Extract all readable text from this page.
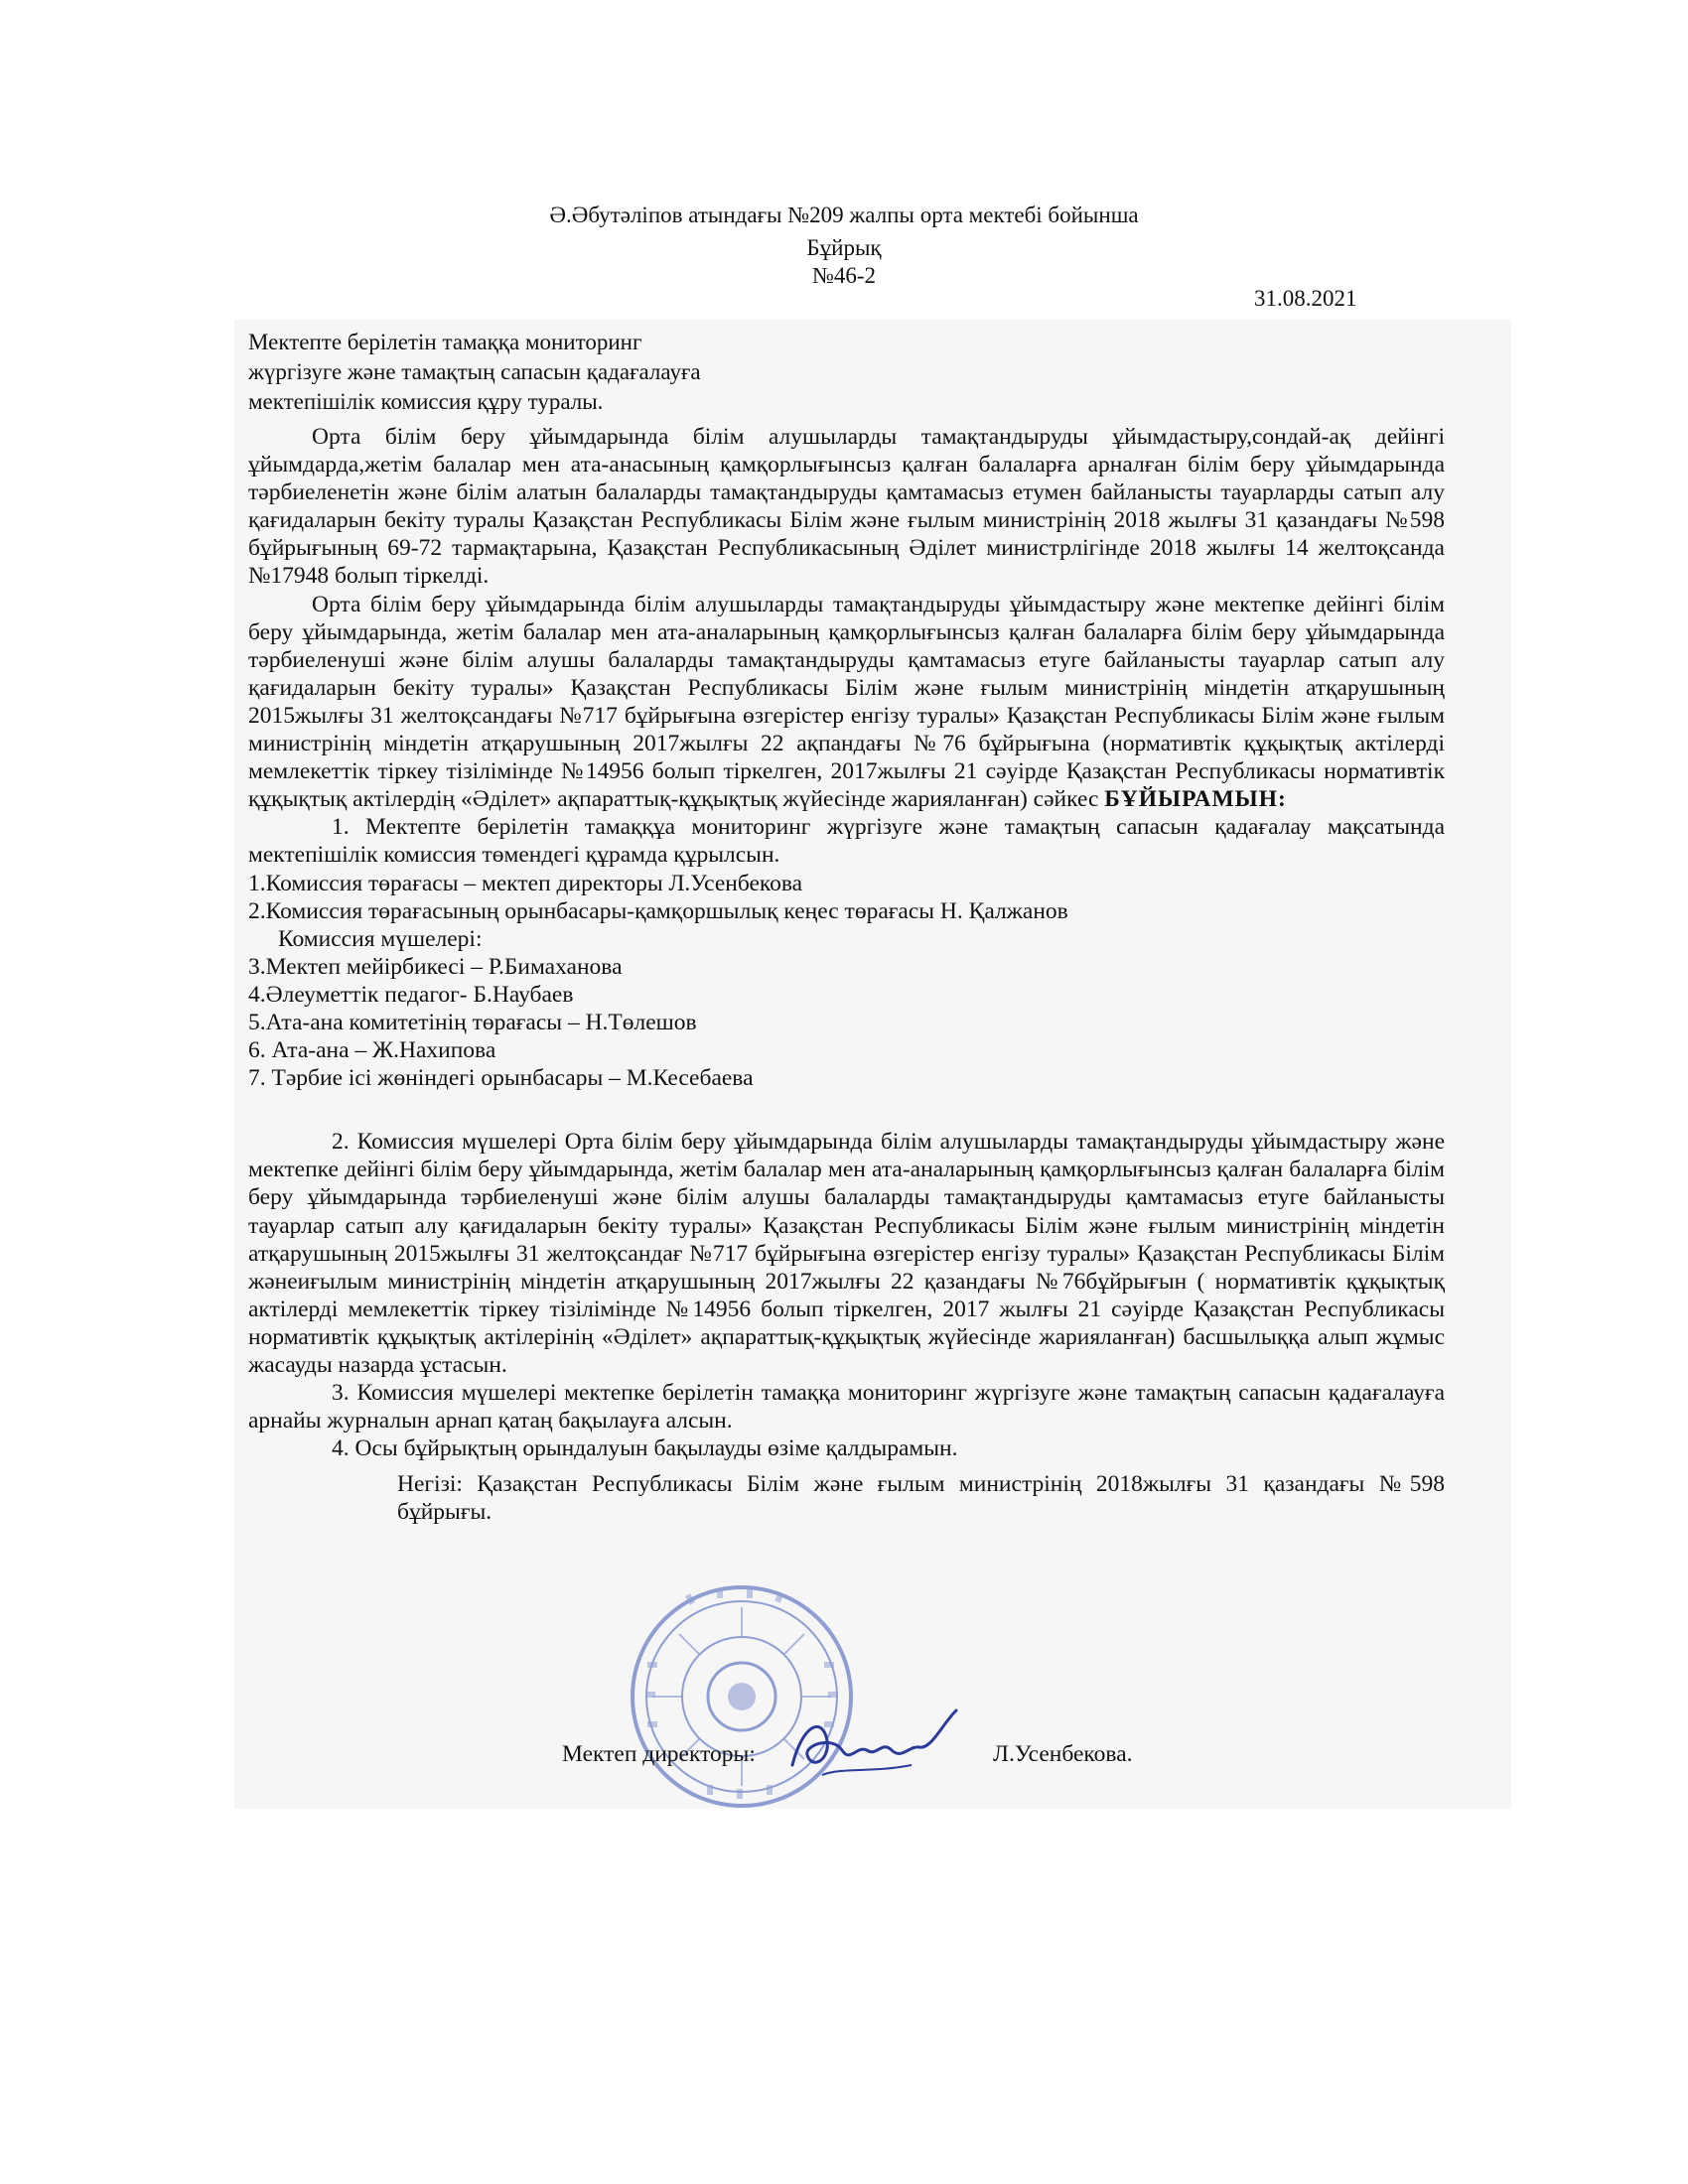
Ә.Әбутәліпов атындағы №209 жалпы орта мектебі бойынша
Бұйрық
№46-2
31.08.2021
Мектепте берілетін тамаққа мониторинг
жүргізуге және тамақтың сапасын қадағалауға
мектепішілік комиссия құру туралы.

Орта білім беру ұйымдарында білім алушыларды тамақтандыруды ұйымдастыру,сондай-ақ дейінгі ұйымдарда,жетім балалар мен ата-анасының қамқорлығынсыз қалған балаларға арналған білім беру ұйымдарында тәрбиеленетін және білім алатын балаларды тамақтандыруды қамтамасыз етумен байланысты тауарларды сатып алу қағидаларын бекіту туралы Қазақстан Республикасы Білім және ғылым министрінің 2018 жылғы 31 қазандағы №598 бұйрығының 69-72 тармақтарына, Қазақстан Республикасының Әділет министрлігінде 2018 жылғы 14 желтоқсанда №17948 болып тіркелді.

Орта білім беру ұйымдарында білім алушыларды тамақтандыруды ұйымдастыру және мектепке дейінгі білім беру ұйымдарында, жетім балалар мен ата-аналарының қамқорлығынсыз қалған балаларға білім беру ұйымдарында тәрбиеленуші және білім алушы балаларды тамақтандыруды қамтамасыз етуге байланысты тауарлар сатып алу қағидаларын бекіту туралы» Қазақстан Республикасы Білім және ғылым министрінің міндетін атқарушының 2015жылғы 31 желтоқсандағы №717 бұйрығына өзгерістер енгізу туралы» Қазақстан Республикасы Білім және ғылым министрінің міндетін атқарушының 2017жылғы 22 ақпандағы №76 бұйрығына (нормативтік құқықтық актілерді мемлекеттік тіркеу тізілімінде №14956 болып тіркелген, 2017жылғы 21 сәуірде Қазақстан Республикасы нормативтік құқықтық актілердің «Әділет» ақпараттық-құқықтық жүйесінде жарияланған) сәйкес БҰЙЫРАМЫН:

1. Мектепте берілетін тамаққұа мониторинг жүргізуге және тамақтың сапасын қадағалау мақсатында мектепішілік комиссия төмендегі құрамда құрылсын.

1.Комиссия төрағасы – мектеп директоры Л.Усенбекова

2.Комиссия төрағасының орынбасары-қамқоршылық кеңес төрағасы Н. Қалжанов

Комиссия мүшелері:

3.Мектеп мейірбикесі – Р.Бимаханова

4.Әлеуметтік педагог- Б.Наубаев

5.Ата-ана комитетінің төрағасы – Н.Төлешов

6. Ата-ана – Ж.Нахипова

7. Тәрбие ісі жөніндегі орынбасары – М.Кесебаева

2. Комиссия мүшелері Орта білім беру ұйымдарында білім алушыларды тамақтандыруды ұйымдастыру және мектепке дейінгі білім беру ұйымдарында, жетім балалар мен ата-аналарының қамқорлығынсыз қалған балаларға білім беру ұйымдарында тәрбиеленуші және білім алушы балаларды тамақтандыруды қамтамасыз етуге байланысты тауарлар сатып алу қағидаларын бекіту туралы» Қазақстан Республикасы Білім және ғылым министрінің міндетін атқарушының 2015жылғы 31 желтоқсандағ №717 бұйрығына өзгерістер енгізу туралы» Қазақстан Республикасы Білім жәнеиғылым министрінің міндетін атқарушының 2017жылғы 22 қазандағы №76бұйрығын ( нормативтік құқықтық актілерді мемлекеттік тіркеу тізілімінде №14956 болып тіркелген, 2017 жылғы 21 сәуірде Қазақстан Республикасы нормативтік құқықтық актілерінің «Әділет» ақпараттық-құқықтық жүйесінде жарияланған) басшылыққа алып жұмыс жасауды назарда ұстасын.

3. Комиссия мүшелері мектепке берілетін тамаққа мониторинг жүргізуге және тамақтың сапасын қадағалауға арнайы журналын арнап қатаң бақылауға алсын.

4. Осы бұйрықтың орындалуын бақылауды өзіме қалдырамын.

Негізі: Қазақстан Республикасы Білім және ғылым министрінің 2018жылғы 31 қазандағы №598 бұйрығы.

Мектеп директоры:	Л.Усенбекова.
